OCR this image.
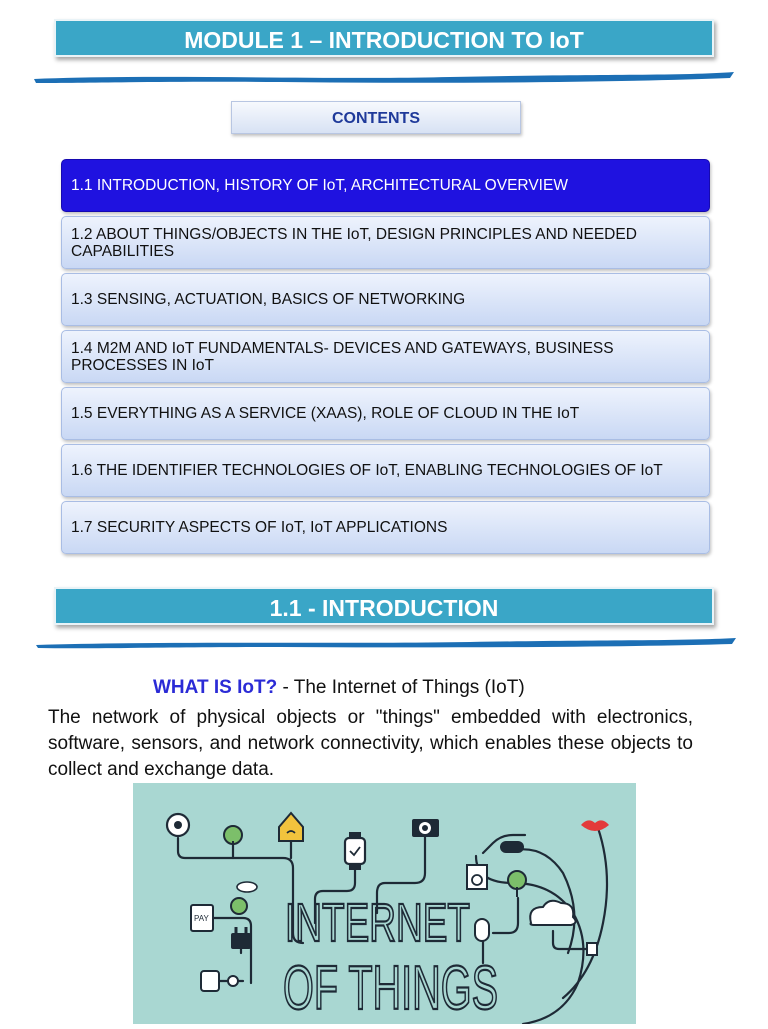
MODULE 1 – INTRODUCTION TO IoT
CONTENTS
1.1 INTRODUCTION, HISTORY OF IoT, ARCHITECTURAL OVERVIEW
1.2 ABOUT THINGS/OBJECTS IN THE IoT, DESIGN PRINCIPLES AND NEEDED CAPABILITIES
1.3 SENSING, ACTUATION, BASICS OF NETWORKING
1.4 M2M AND IoT FUNDAMENTALS- DEVICES AND GATEWAYS, BUSINESS PROCESSES IN IoT
1.5 EVERYTHING AS A SERVICE (XAAS), ROLE OF CLOUD IN THE IoT
1.6 THE IDENTIFIER TECHNOLOGIES OF IoT, ENABLING TECHNOLOGIES OF IoT
1.7 SECURITY ASPECTS OF IoT, IoT APPLICATIONS
1.1 - INTRODUCTION
WHAT IS IoT? - The Internet of Things (IoT)
The network of physical objects or "things" embedded with electronics, software, sensors, and network connectivity, which enables these objects to collect and exchange data.
PAY INTERNET
OF THINGS
